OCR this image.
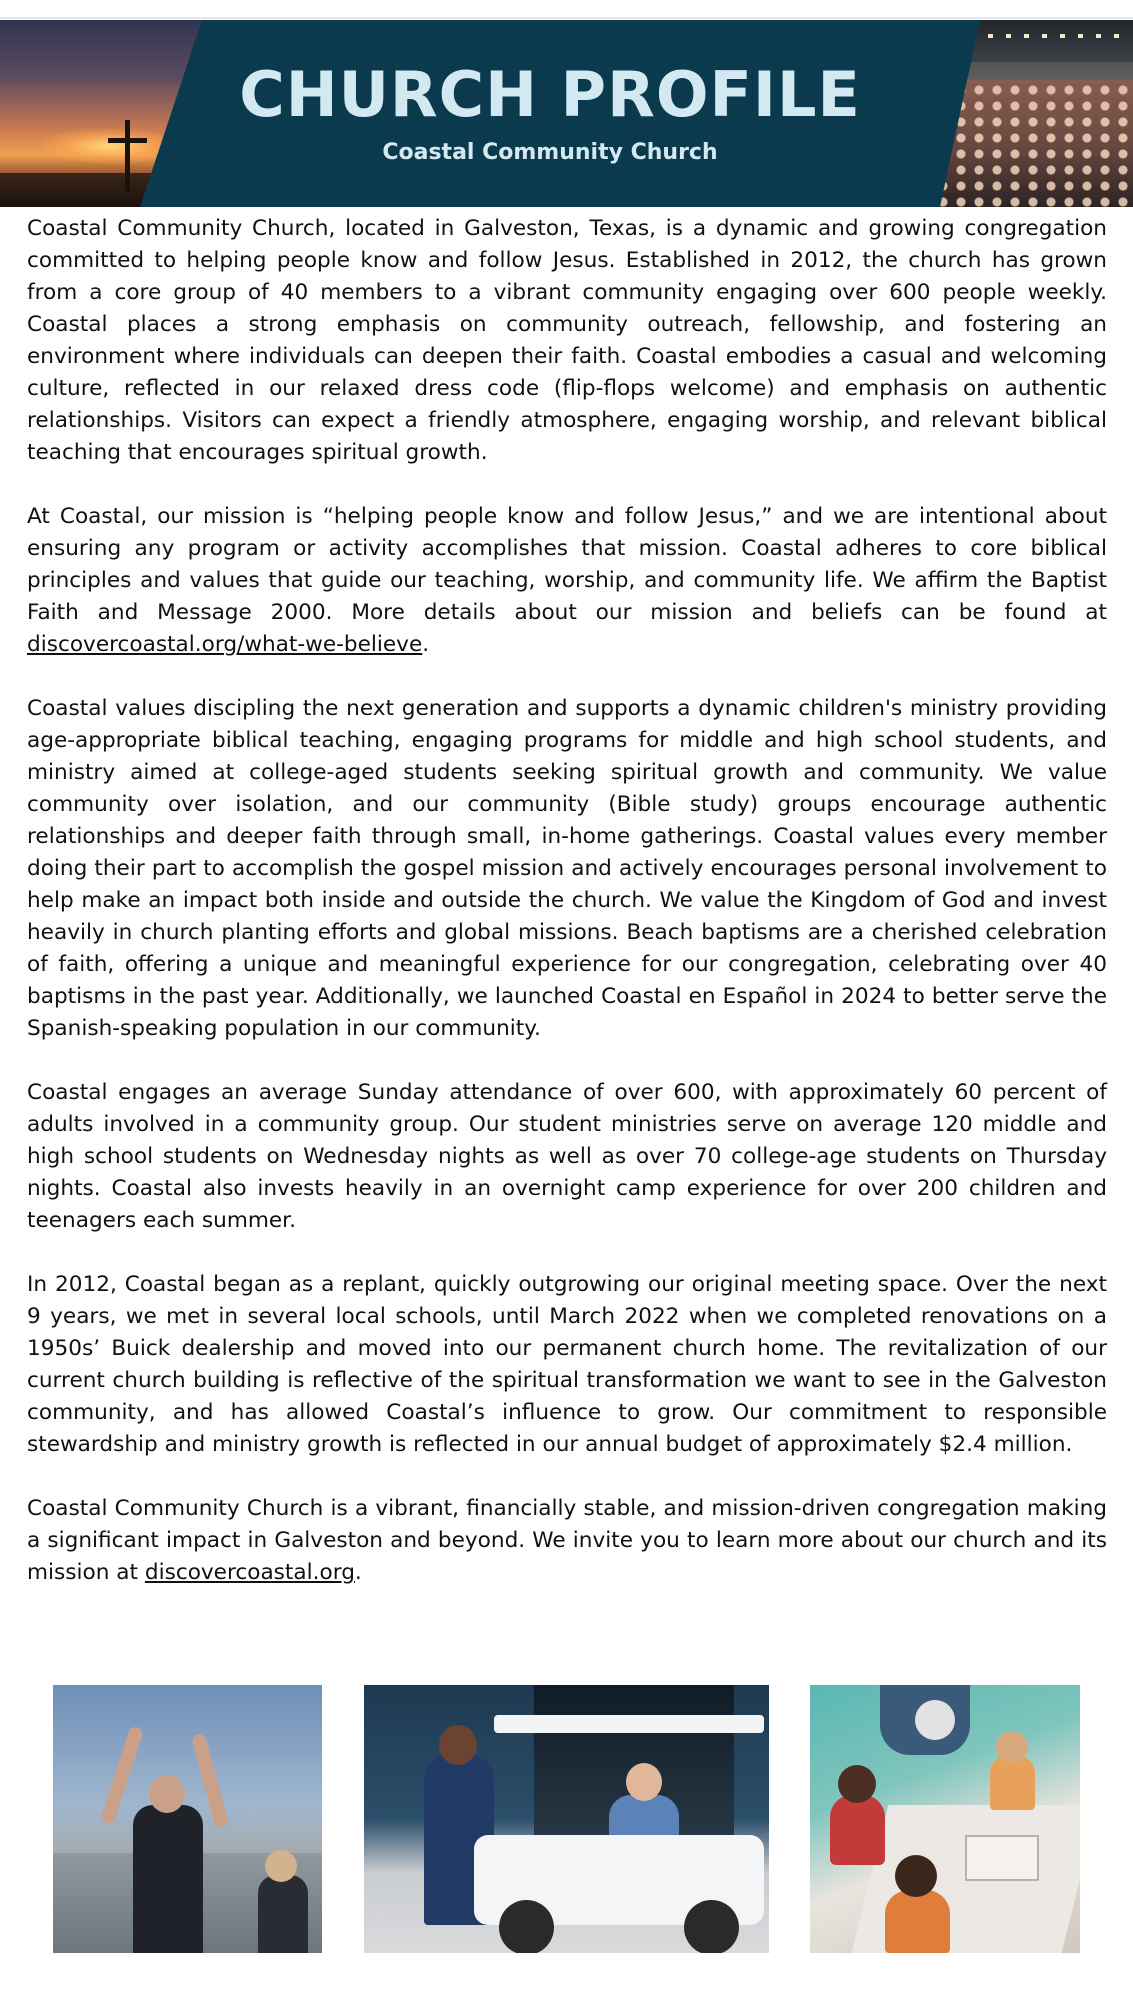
CHURCH PROFILE
Coastal Community Church

Coastal Community Church, located in Galveston, Texas, is a dynamic and growing congregation committed to helping people know and follow Jesus. Established in 2012, the church has grown from a core group of 40 members to a vibrant community engaging over 600 people weekly. Coastal places a strong emphasis on community outreach, fellowship, and fostering an environment where individuals can deepen their faith. Coastal embodies a casual and welcoming culture, reflected in our relaxed dress code (flip-flops welcome) and emphasis on authentic relationships. Visitors can expect a friendly atmosphere, engaging worship, and relevant biblical teaching that encourages spiritual growth.

At Coastal, our mission is “helping people know and follow Jesus,” and we are intentional about ensuring any program or activity accomplishes that mission. Coastal adheres to core biblical principles and values that guide our teaching, worship, and community life. We affirm the Baptist Faith and Message 2000. More details about our mission and beliefs can be found at discovercoastal.org/what-we-believe.

Coastal values discipling the next generation and supports a dynamic children's ministry providing age-appropriate biblical teaching, engaging programs for middle and high school students, and ministry aimed at college-aged students seeking spiritual growth and community. We value community over isolation, and our community (Bible study) groups encourage authentic relationships and deeper faith through small, in-home gatherings. Coastal values every member doing their part to accomplish the gospel mission and actively encourages personal involvement to help make an impact both inside and outside the church. We value the Kingdom of God and invest heavily in church planting efforts and global missions. Beach baptisms are a cherished celebration of faith, offering a unique and meaningful experience for our congregation, celebrating over 40 baptisms in the past year. Additionally, we launched Coastal en Español in 2024 to better serve the Spanish-speaking population in our community.

Coastal engages an average Sunday attendance of over 600, with approximately 60 percent of adults involved in a community group. Our student ministries serve on average 120 middle and high school students on Wednesday nights as well as over 70 college-age students on Thursday nights. Coastal also invests heavily in an overnight camp experience for over 200 children and teenagers each summer.

In 2012, Coastal began as a replant, quickly outgrowing our original meeting space. Over the next 9 years, we met in several local schools, until March 2022 when we completed renovations on a 1950s’ Buick dealership and moved into our permanent church home. The revitalization of our current church building is reflective of the spiritual transformation we want to see in the Galveston community, and has allowed Coastal’s influence to grow. Our commitment to responsible stewardship and ministry growth is reflected in our annual budget of approximately $2.4 million.

Coastal Community Church is a vibrant, financially stable, and mission-driven congregation making a significant impact in Galveston and beyond. We invite you to learn more about our church and its mission at discovercoastal.org.
